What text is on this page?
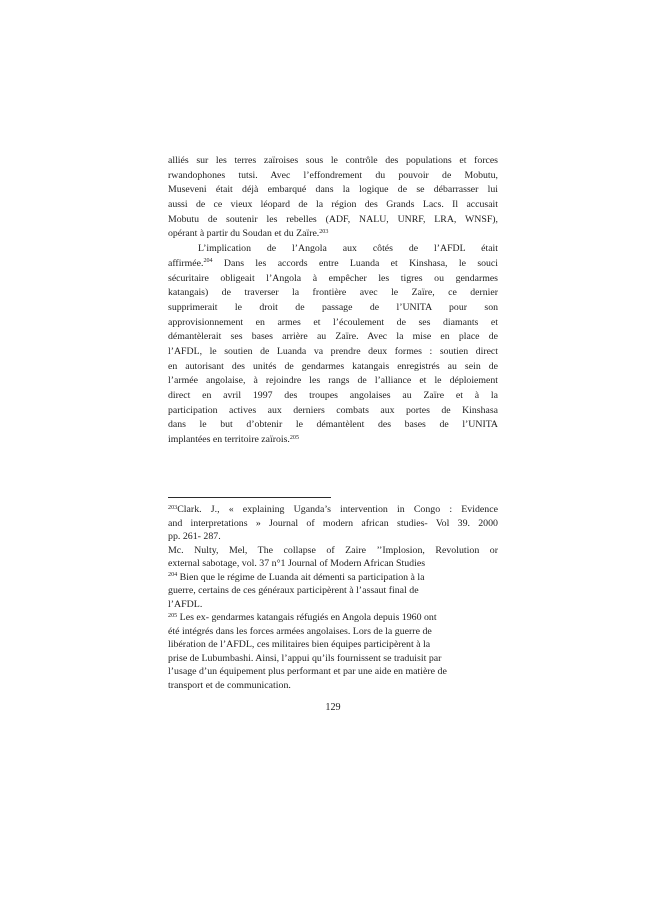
alliés sur les terres zaïroises sous le contrôle des populations et forces
rwandophones tutsi. Avec l’effondrement du pouvoir de Mobutu,
Museveni était déjà embarqué dans la logique de se débarrasser lui
aussi de ce vieux léopard de la région des Grands Lacs. Il accusait
Mobutu de soutenir les rebelles (ADF, NALU, UNRF, LRA, WNSF),
opérant à partir du Soudan et du Zaïre.$^{203}$
L’implication de l’Angola aux côtés de l’AFDL était
affirmée.$^{204}$ Dans les accords entre Luanda et Kinshasa, le souci
sécuritaire obligeait l’Angola à empêcher les tigres ou gendarmes
katangais) de traverser la frontière avec le Zaïre, ce dernier
supprimerait le droit de passage de l’UNITA pour son
approvisionnement en armes et l’écoulement de ses diamants et
démantèlerait ses bases arrière au Zaïre. Avec la mise en place de
l’AFDL, le soutien de Luanda va prendre deux formes : soutien direct
en autorisant des unités de gendarmes katangais enregistrés au sein de
l’armée angolaise, à rejoindre les rangs de l’alliance et le déploiement
direct en avril 1997 des troupes angolaises au Zaïre et à la
participation actives aux derniers combats aux portes de Kinshasa
dans le but d’obtenir le démantèlent des bases de l’UNITA
implantées en territoire zaïrois.$^{205}$
$^{203}$Clark. J., « explaining Uganda’s intervention in Congo : Evidence
and interpretations » Journal of modern african studies- Vol 39. 2000
pp. 261- 287.
Mc. Nulty, Mel, The collapse of Zaire ’’Implosion, Revolution or
external sabotage, vol. 37 n°1 Journal of Modern African Studies
$^{204}$ Bien que le régime de Luanda ait démenti sa participation à la
guerre, certains de ces généraux participèrent à l’assaut final de
l’AFDL.
$^{205}$ Les ex- gendarmes katangais réfugiés en Angola depuis 1960 ont
été intégrés dans les forces armées angolaises. Lors de la guerre de
libération de l’AFDL, ces militaires bien équipes participèrent à la
prise de Lubumbashi. Ainsi, l’appui qu’ils fournissent se traduisit par
l’usage d’un équipement plus performant et par une aide en matière de
transport et de communication.
129
